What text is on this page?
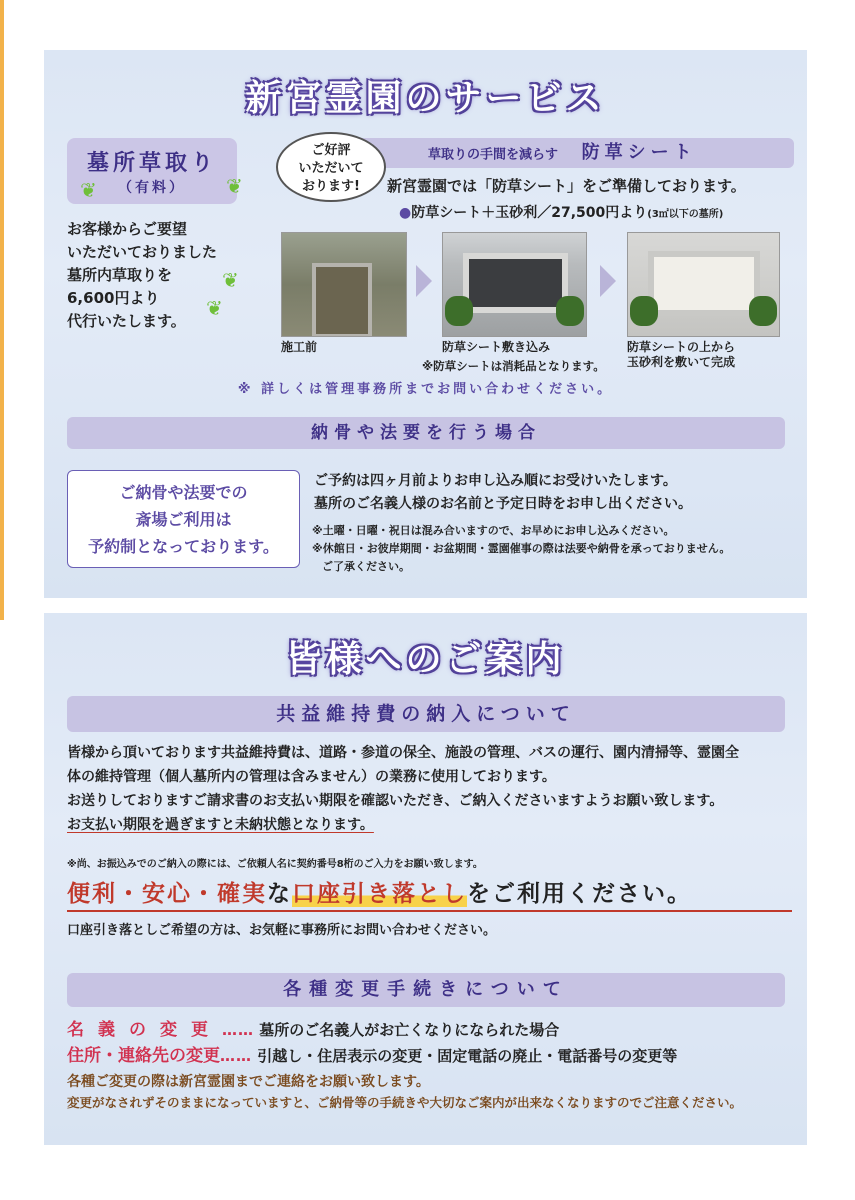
新宮霊園のサービス
墓所草取り
（有料）
❦	❦
❦
❦
お客様からご要望
いただいておりました
墓所内草取りを
6,600円より
代行いたします。
草取りの手間を減らす 防草シート
ご好評
いただいて
おります!	新宮霊園では「防草シート」をご準備しております。
●防草シート＋玉砂利／27,500円より(3㎡以下の墓所)
施工前	防草シート敷き込み
※防草シートは消耗品となります。
防草シートの上から
玉砂利を敷いて完成
※ 詳しくは管理事務所までお問い合わせください。
納骨や法要を行う場合
ご納骨や法要での
斎場ご利用は
予約制となっております。
ご予約は四ヶ月前よりお申し込み順にお受けいたします。
墓所のご名義人様のお名前と予定日時をお申し出ください。
※土曜・日曜・祝日は混み合いますので、お早めにお申し込みください。
※休館日・お彼岸期間・お盆期間・霊園催事の際は法要や納骨を承っておりません。
ご了承ください。
皆様へのご案内
共益維持費の納入について
皆様から頂いております共益維持費は、道路・参道の保全、施設の管理、バスの運行、園内清掃等、霊園全
体の維持管理（個人墓所内の管理は含みません）の業務に使用しております。
お送りしておりますご請求書のお支払い期限を確認いただき、ご納入くださいますようお願い致します。
お支払い期限を過ぎますと未納状態となります。
※尚、お振込みでのご納入の際には、ご依頼人名に契約番号8桁のご入力をお願い致します。
便利・安心・確実な口座引き落としをご利用ください。
口座引き落としご希望の方は、お気軽に事務所にお問い合わせください。
各種変更手続きについて
名義の変更…… 墓所のご名義人がお亡くなりになられた場合
住所・連絡先の変更…… 引越し・住居表示の変更・固定電話の廃止・電話番号の変更等
各種ご変更の際は新宮霊園までご連絡をお願い致します。
変更がなされずそのままになっていますと、ご納骨等の手続きや大切なご案内が出来なくなりますのでご注意ください。
